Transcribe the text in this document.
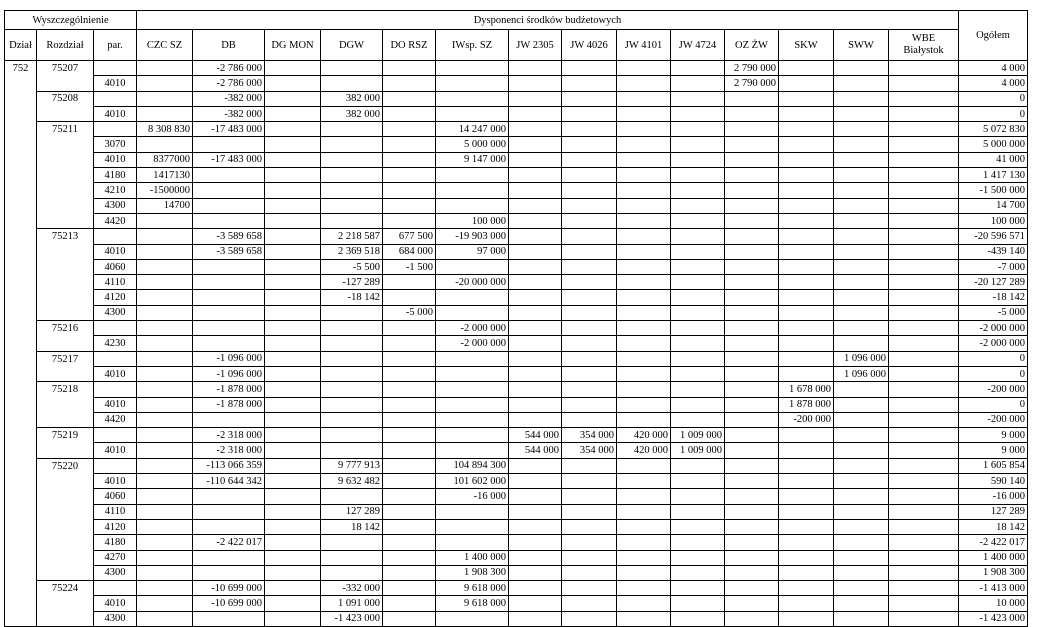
Wyszczególnienie			Dysponenci środków budżetowych														Ogółem
Dział	Rozdział	par.	CZC SZ	DB	DG MON	DGW	DO RSZ	IWsp. SZ	JW 2305	JW 4026	JW 4101	JW 4724	OZ ŻW	SKW	SWW	WBE Białystok	
752	75207			-2 786 000									2 790 000				4 000
		4010		-2 786 000									2 790 000				4 000
	75208			-382 000		382 000											0
		4010		-382 000		382 000											0
	75211		8 308 830	-17 483 000				14 247 000									5 072 830
		3070						5 000 000									5 000 000
		4010	8377000	-17 483 000				9 147 000									41 000
		4180	1417130														1 417 130
		4210	-1500000														-1 500 000
		4300	14700														14 700
		4420						100 000									100 000
	75213			-3 589 658		2 218 587	677 500	-19 903 000									-20 596 571
		4010		-3 589 658		2 369 518	684 000	97 000									-439 140
		4060				-5 500	-1 500										-7 000
		4110				-127 289		-20 000 000									-20 127 289
		4120				-18 142											-18 142
		4300					-5 000										-5 000
	75216							-2 000 000									-2 000 000
		4230						-2 000 000									-2 000 000
	75217			-1 096 000											1 096 000		0
		4010		-1 096 000											1 096 000		0
	75218			-1 878 000										1 678 000			-200 000
		4010		-1 878 000										1 878 000			0
		4420												-200 000			-200 000
	75219			-2 318 000					544 000	354 000	420 000	1 009 000					9 000
		4010		-2 318 000					544 000	354 000	420 000	1 009 000					9 000
	75220			-113 066 359		9 777 913		104 894 300									1 605 854
		4010		-110 644 342		9 632 482		101 602 000									590 140
		4060						-16 000									-16 000
		4110				127 289											127 289
		4120				18 142											18 142
		4180		-2 422 017													-2 422 017
		4270						1 400 000									1 400 000
		4300						1 908 300									1 908 300
	75224			-10 699 000		-332 000		9 618 000									-1 413 000
		4010		-10 699 000		1 091 000		9 618 000									10 000
		4300				-1 423 000											-1 423 000
